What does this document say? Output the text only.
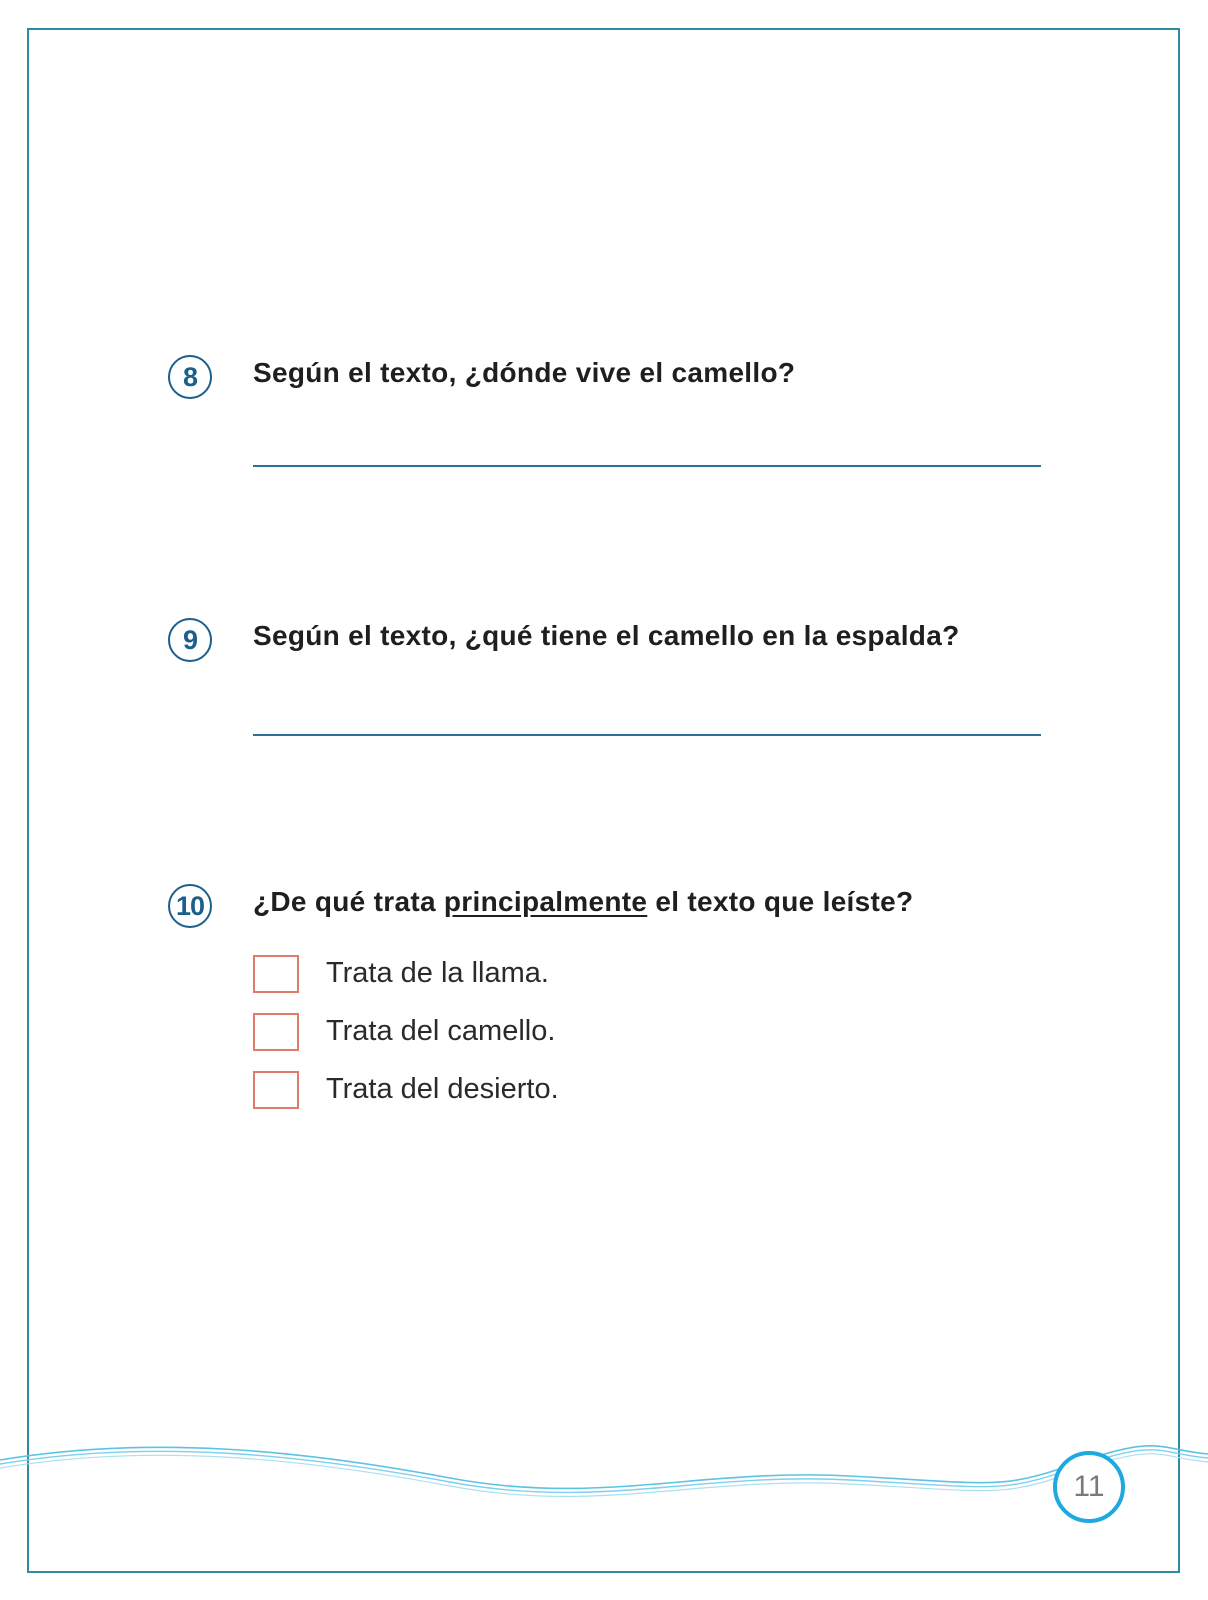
8	Según el texto, ¿dónde vive el camello?
9	Según el texto, ¿qué tiene el camello en la espalda?
10 ¿De qué trata principalmente el texto que leíste?
Trata de la llama.
Trata del camello.
Trata del desierto.
11
